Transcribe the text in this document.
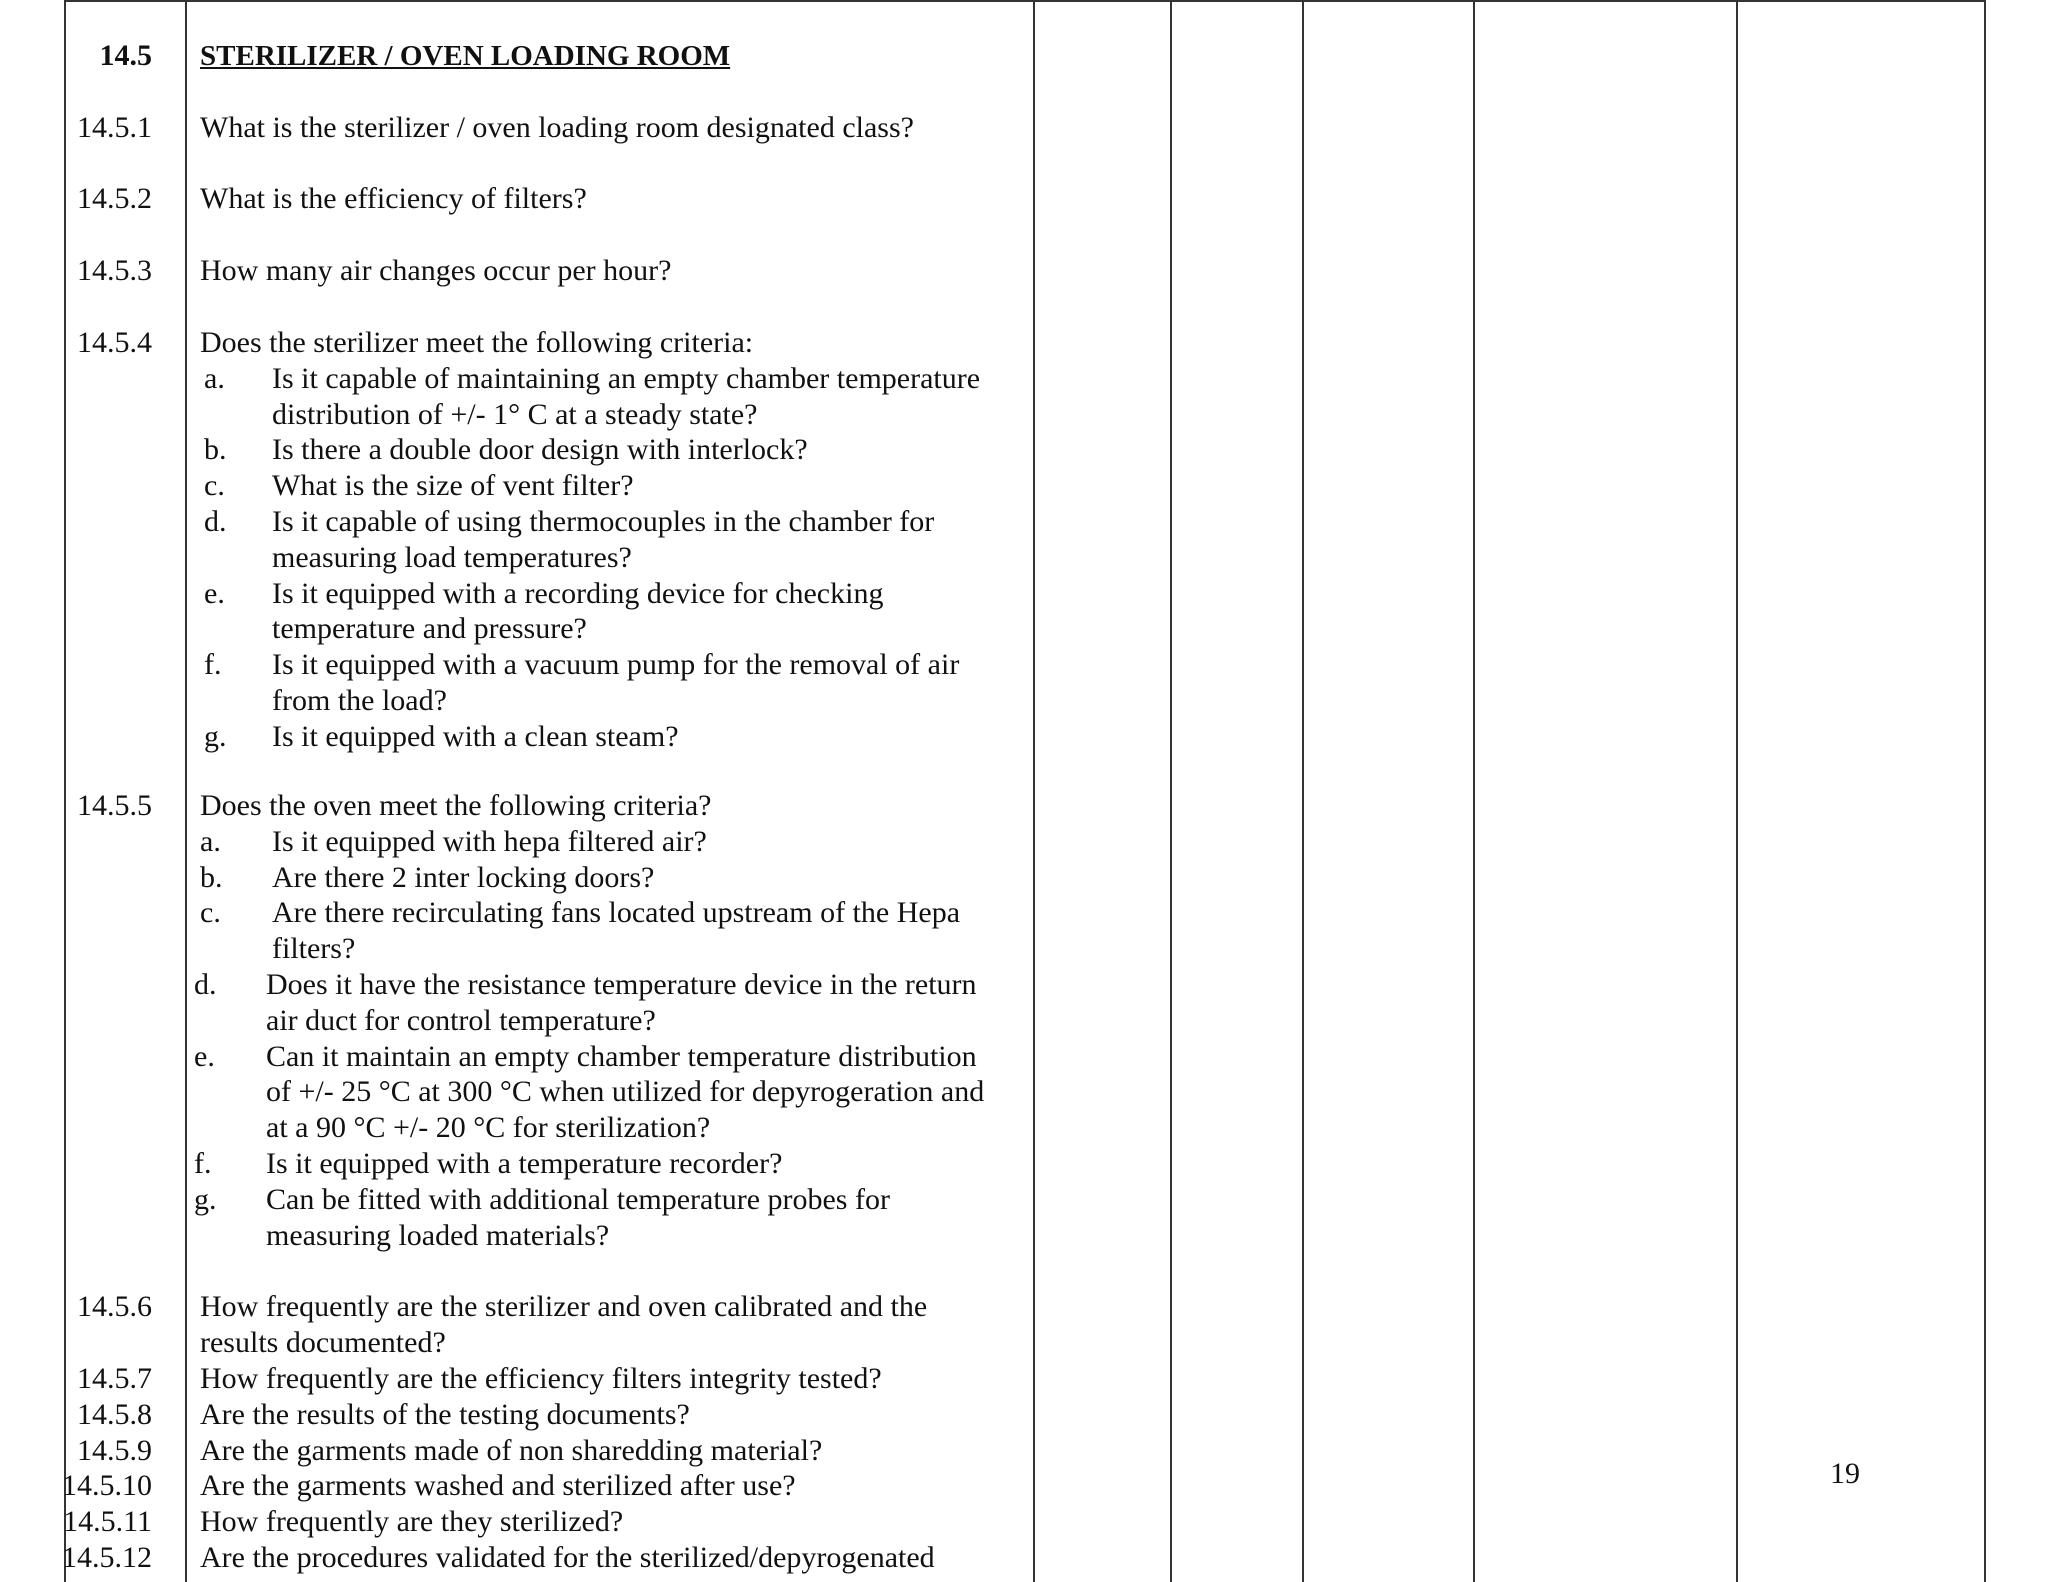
14.5 STERILIZER / OVEN LOADING ROOM
14.5.1 What is the sterilizer / oven loading room designated class?
14.5.2 What is the efficiency of filters?
14.5.3 How many air changes occur per hour?
14.5.4 Does the sterilizer meet the following criteria:
a. Is it capable of maintaining an empty chamber temperature
distribution of +/- 1° C at a steady state?
b. Is there a double door design with interlock?
c. What is the size of vent filter?
d. Is it capable of using thermocouples in the chamber for
measuring load temperatures?
e. Is it equipped with a recording device for checking
temperature and pressure?
f. Is it equipped with a vacuum pump for the removal of air
from the load?
g. Is it equipped with a clean steam?
14.5.5 Does the oven meet the following criteria?
a. Is it equipped with hepa filtered air?
b. Are there 2 inter locking doors?
c. Are there recirculating fans located upstream of the Hepa
filters?
d. Does it have the resistance temperature device in the return
air duct for control temperature?
e. Can it maintain an empty chamber temperature distribution
of +/- 25 °C at 300 °C when utilized for depyrogeration and
at a 90 °C +/- 20 °C for sterilization?
f. Is it equipped with a temperature recorder?
g. Can be fitted with additional temperature probes for
measuring loaded materials?
14.5.6 How frequently are the sterilizer and oven calibrated and the
results documented?
14.5.7 How frequently are the efficiency filters integrity tested?
14.5.8 Are the results of the testing documents?
14.5.9 Are the garments made of non sharedding material?
14.5.10 Are the garments washed and sterilized after use?
14.5.11 How frequently are they sterilized?
14.5.12 Are the procedures validated for the sterilized/depyrogenated
19
